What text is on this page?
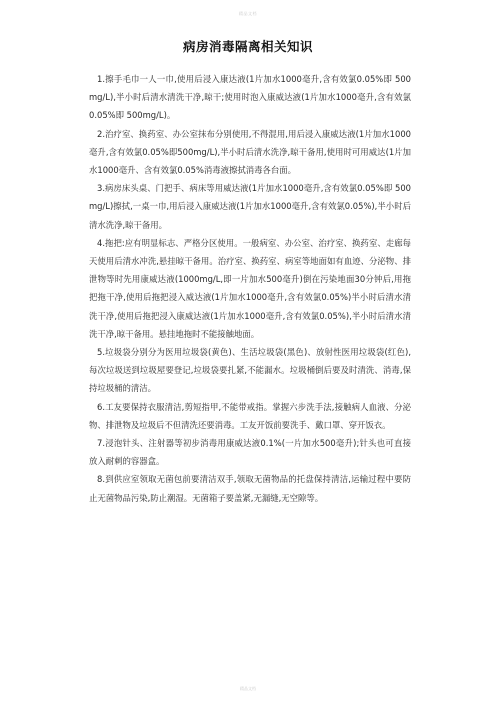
精品文档
病房消毒隔离相关知识

1.擦手毛巾一人一巾,使用后浸入康达液(1片加水1000毫升,含有效氯0.05%即 500mg/L),半小时后清水清洗干净,晾干;使用时泡入康威达液(1片加水1000毫升,含有效氯0.05%即 500mg/L)。

2.治疗室、换药室、办公室抹布分别使用,不得混用,用后浸入康威达液(1片加水1000毫升,含有效氯0.05%即500mg/L),半小时后清水洗净,晾干备用,使用时可用威达(1片加水1000毫升、含有效氯0.05%消毒液擦拭消毒各台面。

3.病房床头桌、门把手、病床等用威达液(1片加水1000毫升,含有效氯0.05%即 500mg/L)擦拭,一桌一巾,用后浸入康威达液(1片加水1000毫升,含有效氯0.05%),半小时后清水洗净,晾干备用。

4.拖把:应有明显标志、严格分区使用。一般病室、办公室、治疗室、换药室、走廊每天使用后清水冲洗,悬挂晾干备用。治疗室、换药室、病室等地面如有血迹、分泌物、排泄物等时先用康威达液(1000mg/L,即一片加水500毫升)倒在污染地面30分钟后,用拖把拖干净,使用后拖把浸入威达液(1片加水1000毫升,含有效氯0.05%)半小时后清水清洗干净,使用后拖把浸入康威达液(1片加水1000毫升,含有效氯0.05%),半小时后清水清洗干净,晾干备用。悬挂地拖时不能接触地面。

5.垃圾袋分别分为医用垃圾袋(黄色)、生活垃圾袋(黑色)、放射性医用垃圾袋(红色),每次垃圾送到垃圾屋要登记,垃圾袋要扎紧,不能漏水。垃圾桶倒后要及时清洗、消毒,保持垃圾桶的清洁。

6.工友要保持衣服清洁,剪短指甲,不能带戒指。掌握六步洗手法,接触病人血液、分泌物、排泄物及垃圾后不但清洗还要消毒。工友开饭前要洗手、戴口罩、穿开饭衣。

7.浸泡针头、注射器等初步消毒用康威达液0.1%(一片加水500毫升);针头也可直接放入耐刺的容器盒。

8.到供应室领取无菌包前要清洁双手,领取无菌物品的托盘保持清洁,运输过程中要防止无菌物品污染,防止潮湿。无菌箱子要盖紧,无漏缝,无空隙等。

精品文档
